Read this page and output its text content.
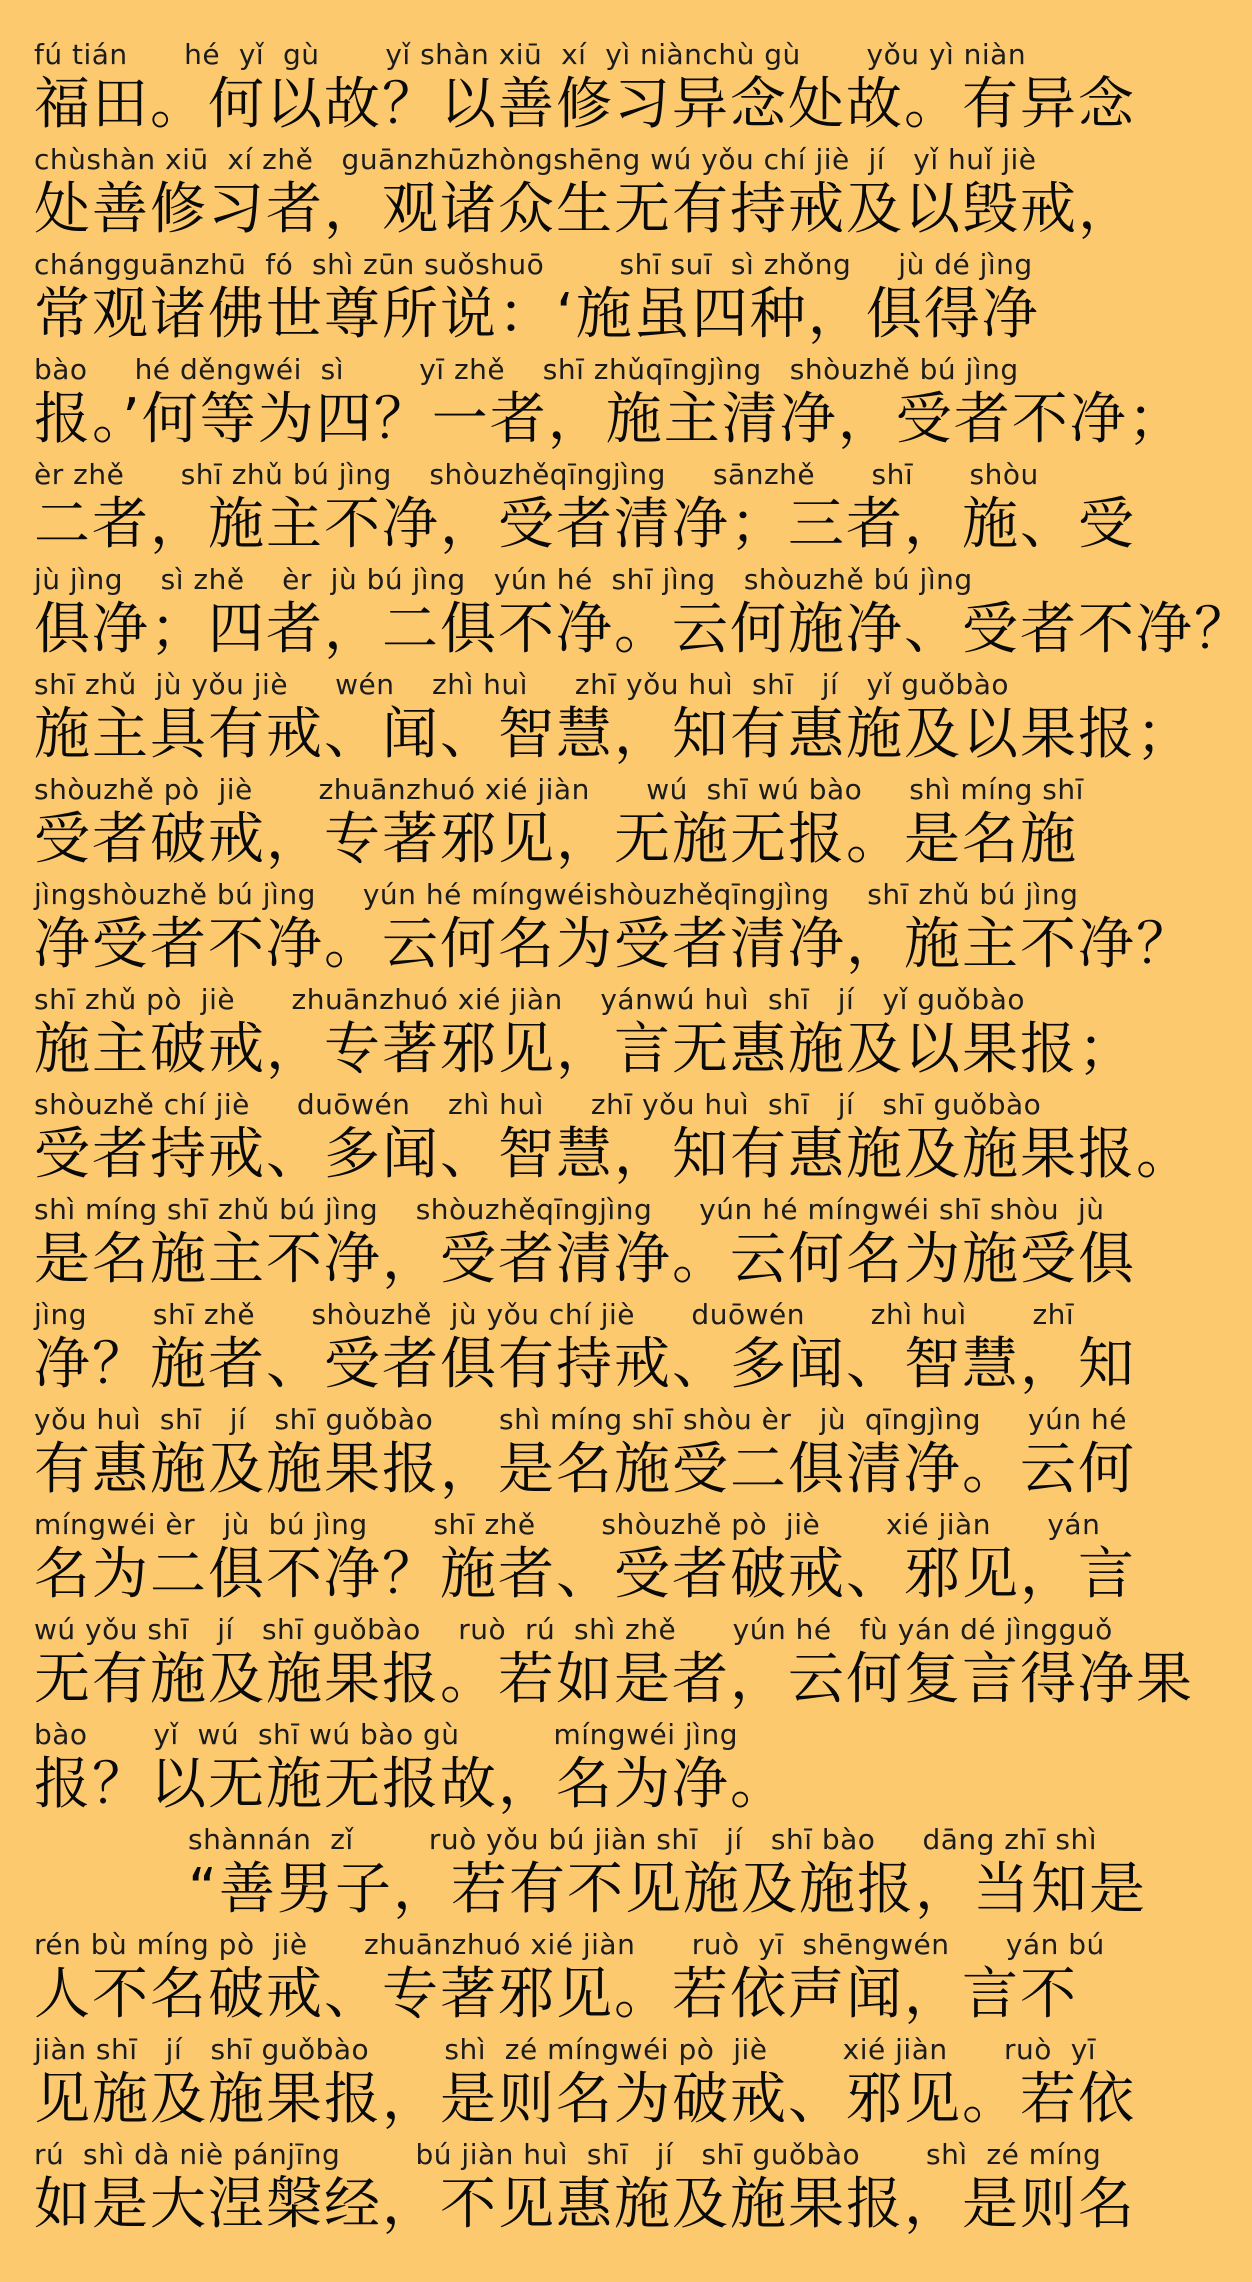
fú tián      hé  yǐ  gù       yǐ shàn xiū  xí  yì niànchù gù       yǒu yì niàn
福田。何以故？以善修习异念处故。有异念
chùshàn xiū  xí zhě   guānzhūzhòngshēng wú yǒu chí jiè  jí   yǐ huǐ jiè
处善修习者，观诸众生无有持戒及以毁戒，
chángguānzhū  fó  shì zūn suǒshuō        shī suī  sì zhǒng     jù dé jìng
常观诸佛世尊所说：‘施虽四种，俱得净
bào     hé děngwéi  sì        yī zhě    shī zhǔqīngjìng   shòuzhě bú jìng
报。’何等为四？一者，施主清净，受者不净；
èr zhě      shī zhǔ bú jìng    shòuzhěqīngjìng     sānzhě      shī      shòu
二者，施主不净，受者清净；三者，施、受
jù jìng    sì zhě    èr  jù bú jìng   yún hé  shī jìng   shòuzhě bú jìng
俱净；四者，二俱不净。云何施净、受者不净？
shī zhǔ  jù yǒu jiè     wén    zhì huì     zhī yǒu huì  shī   jí   yǐ guǒbào
施主具有戒、闻、智慧，知有惠施及以果报；
shòuzhě pò  jiè       zhuānzhuó xié jiàn      wú  shī wú bào     shì míng shī
受者破戒，专著邪见，无施无报。是名施
jìngshòuzhě bú jìng     yún hé míngwéishòuzhěqīngjìng    shī zhǔ bú jìng
净受者不净。云何名为受者清净，施主不净？
shī zhǔ pò  jiè      zhuānzhuó xié jiàn    yánwú huì  shī   jí   yǐ guǒbào
施主破戒，专著邪见，言无惠施及以果报；
shòuzhě chí jiè     duōwén    zhì huì     zhī yǒu huì  shī   jí   shī guǒbào
受者持戒、多闻、智慧，知有惠施及施果报。
shì míng shī zhǔ bú jìng    shòuzhěqīngjìng     yún hé míngwéi shī shòu  jù
是名施主不净，受者清净。云何名为施受俱
jìng       shī zhě      shòuzhě  jù yǒu chí jiè      duōwén       zhì huì       zhī
净？施者、受者俱有持戒、多闻、智慧，知
yǒu huì  shī   jí   shī guǒbào       shì míng shī shòu èr   jù  qīngjìng     yún hé
有惠施及施果报，是名施受二俱清净。云何
míngwéi èr   jù  bú jìng       shī zhě       shòuzhě pò  jiè       xié jiàn      yán
名为二俱不净？施者、受者破戒、邪见，言
wú yǒu shī   jí   shī guǒbào    ruò  rú  shì zhě      yún hé   fù yán dé jìngguǒ
无有施及施果报。若如是者，云何复言得净果
bào       yǐ  wú  shī wú bào gù          míngwéi jìng
报？以无施无报故，名为净。
shànnán  zǐ        ruò yǒu bú jiàn shī   jí   shī bào     dāng zhī shì
“善男子，若有不见施及施报，当知是
rén bù míng pò  jiè      zhuānzhuó xié jiàn      ruò  yī  shēngwén      yán bú
人不名破戒、专著邪见。若依声闻，言不
jiàn shī   jí   shī guǒbào        shì  zé míngwéi pò  jiè        xié jiàn      ruò  yī
见施及施果报，是则名为破戒、邪见。若依
rú  shì dà niè pánjīng        bú jiàn huì  shī   jí   shī guǒbào       shì  zé míng
如是大涅槃经，不见惠施及施果报，是则名
